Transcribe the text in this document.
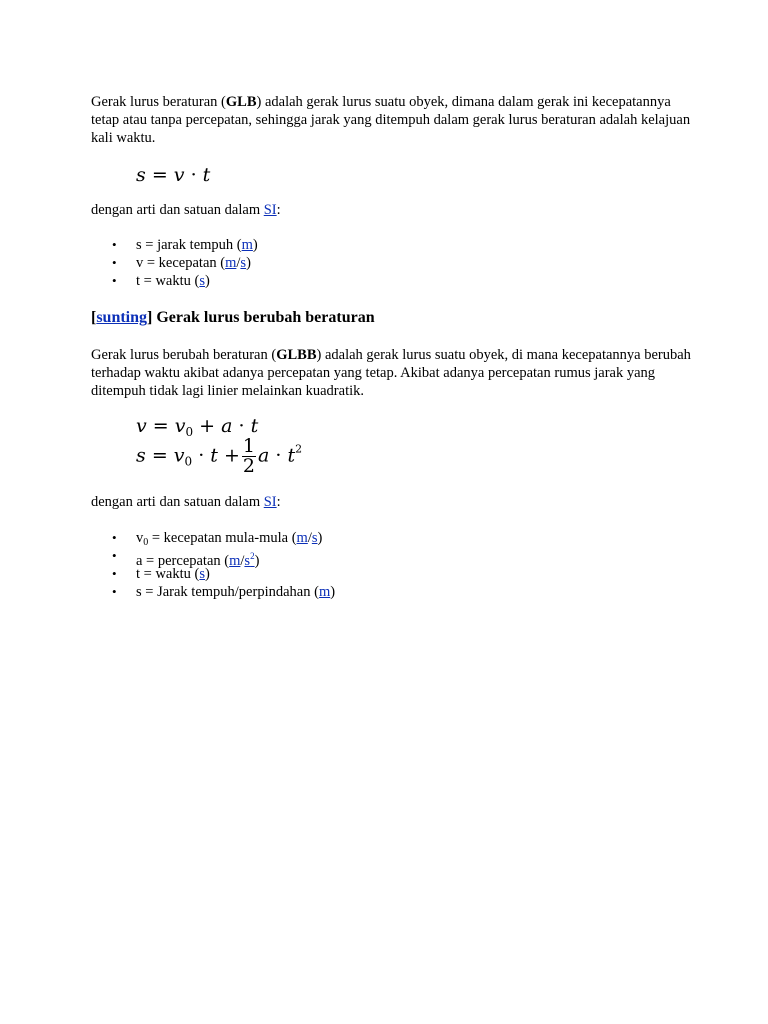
Gerak lurus beraturan (GLB) adalah gerak lurus suatu obyek, dimana dalam gerak ini kecepatannya tetap atau tanpa percepatan, sehingga jarak yang ditempuh dalam gerak lurus beraturan adalah kelajuan kali waktu.

s = v · t

dengan arti dan satuan dalam SI:

• s = jarak tempuh (m)
• v = kecepatan (m/s)
• t = waktu (s)
[sunting] Gerak lurus berubah beraturan

Gerak lurus berubah beraturan (GLBB) adalah gerak lurus suatu obyek, di mana kecepatannya berubah terhadap waktu akibat adanya percepatan yang tetap. Akibat adanya percepatan rumus jarak yang ditempuh tidak lagi linier melainkan kuadratik.

$v = v_0 + a \cdot t$
$s = v_0 \cdot t + \frac{1}{2}$ $a \cdot t^2$

dengan arti dan satuan dalam SI:

• $v_0$ = kecepatan mula-mula (m/s)
• a = percepatan (m/s$^2$)
• t = waktu (s)
• s = Jarak tempuh/perpindahan (m)
